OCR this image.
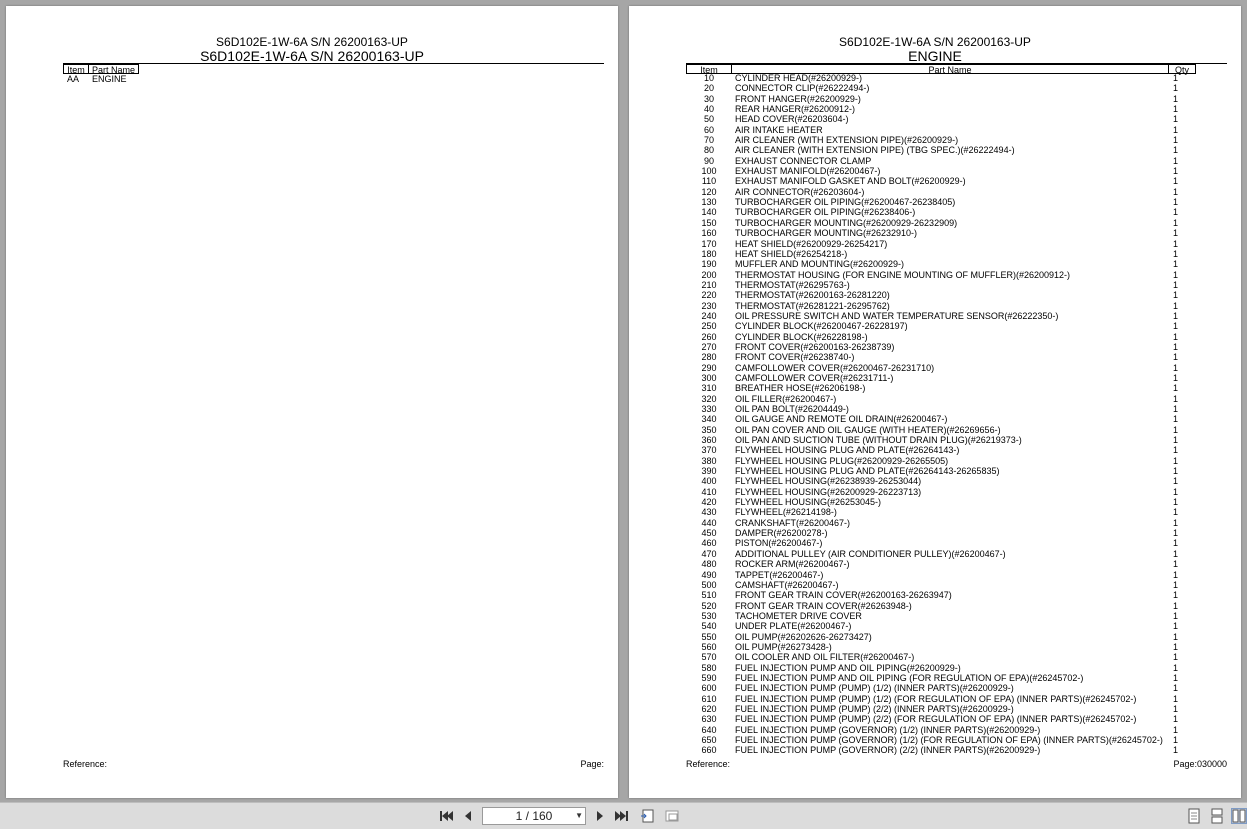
S6D102E-1W-6A S/N 26200163-UP
S6D102E-1W-6A S/N 26200163-UP
Item Part Name
AA ENGINE
Reference:	Page:
S6D102E-1W-6A S/N 26200163-UP
ENGINE
Item	Part Name	Qty
10	CYLINDER HEAD(#26200929-)	1
20	CONNECTOR CLIP(#26222494-)	1
30	FRONT HANGER(#26200929-)	1
40	REAR HANGER(#26200912-)	1
50	HEAD COVER(#26203604-)	1
60	AIR INTAKE HEATER	1
70	AIR CLEANER (WITH EXTENSION PIPE)(#26200929-)	1
80	AIR CLEANER (WITH EXTENSION PIPE) (TBG SPEC.)(#26222494-)	1
90	EXHAUST CONNECTOR CLAMP	1
100	EXHAUST MANIFOLD(#26200467-)	1
110	EXHAUST MANIFOLD GASKET AND BOLT(#26200929-)	1
120	AIR CONNECTOR(#26203604-)	1
130	TURBOCHARGER OIL PIPING(#26200467-26238405)	1
140	TURBOCHARGER OIL PIPING(#26238406-)	1
150	TURBOCHARGER MOUNTING(#26200929-26232909)	1
160	TURBOCHARGER MOUNTING(#26232910-)	1
170	HEAT SHIELD(#26200929-26254217)	1
180	HEAT SHIELD(#26254218-)	1
190	MUFFLER AND MOUNTING(#26200929-)	1
200	THERMOSTAT HOUSING (FOR ENGINE MOUNTING OF MUFFLER)(#26200912-)	1
210	THERMOSTAT(#26295763-)	1
220	THERMOSTAT(#26200163-26281220)	1
230	THERMOSTAT(#26281221-26295762)	1
240	OIL PRESSURE SWITCH AND WATER TEMPERATURE SENSOR(#26222350-)	1
250	CYLINDER BLOCK(#26200467-26228197)	1
260	CYLINDER BLOCK(#26228198-)	1
270	FRONT COVER(#26200163-26238739)	1
280	FRONT COVER(#26238740-)	1
290	CAMFOLLOWER COVER(#26200467-26231710)	1
300	CAMFOLLOWER COVER(#26231711-)	1
310	BREATHER HOSE(#26206198-)	1
320	OIL FILLER(#26200467-)	1
330	OIL PAN BOLT(#26204449-)	1
340	OIL GAUGE AND REMOTE OIL DRAIN(#26200467-)	1
350	OIL PAN COVER AND OIL GAUGE (WITH HEATER)(#26269656-)	1
360	OIL PAN AND SUCTION TUBE (WITHOUT DRAIN PLUG)(#26219373-)	1
370	FLYWHEEL HOUSING PLUG AND PLATE(#26264143-)	1
380	FLYWHEEL HOUSING PLUG(#26200929-26265505)	1
390	FLYWHEEL HOUSING PLUG AND PLATE(#26264143-26265835)	1
400	FLYWHEEL HOUSING(#26238939-26253044)	1
410	FLYWHEEL HOUSING(#26200929-26223713)	1
420	FLYWHEEL HOUSING(#26253045-)	1
430	FLYWHEEL(#26214198-)	1
440	CRANKSHAFT(#26200467-)	1
450	DAMPER(#26200278-)	1
460	PISTON(#26200467-)	1
470	ADDITIONAL PULLEY (AIR CONDITIONER PULLEY)(#26200467-)	1
480	ROCKER ARM(#26200467-)	1
490	TAPPET(#26200467-)	1
500	CAMSHAFT(#26200467-)	1
510	FRONT GEAR TRAIN COVER(#26200163-26263947)	1
520	FRONT GEAR TRAIN COVER(#26263948-)	1
530	TACHOMETER DRIVE COVER	1
540	UNDER PLATE(#26200467-)	1
550	OIL PUMP(#26202626-26273427)	1
560	OIL PUMP(#26273428-)	1
570	OIL COOLER AND OIL FILTER(#26200467-)	1
580	FUEL INJECTION PUMP AND OIL PIPING(#26200929-)	1
590	FUEL INJECTION PUMP AND OIL PIPING (FOR REGULATION OF EPA)(#26245702-)	1
600	FUEL INJECTION PUMP (PUMP) (1/2) (INNER PARTS)(#26200929-)	1
610	FUEL INJECTION PUMP (PUMP) (1/2) (FOR REGULATION OF EPA) (INNER PARTS)(#26245702-)	1
620	FUEL INJECTION PUMP (PUMP) (2/2) (INNER PARTS)(#26200929-)	1
630	FUEL INJECTION PUMP (PUMP) (2/2) (FOR REGULATION OF EPA) (INNER PARTS)(#26245702-)	1
640	FUEL INJECTION PUMP (GOVERNOR) (1/2) (INNER PARTS)(#26200929-)	1
650	FUEL INJECTION PUMP (GOVERNOR) (1/2) (FOR REGULATION OF EPA) (INNER PARTS)(#26245702-) 1
660	FUEL INJECTION PUMP (GOVERNOR) (2/2) (INNER PARTS)(#26200929-)	1
Reference:	Page:030000
1 / 160	▼
